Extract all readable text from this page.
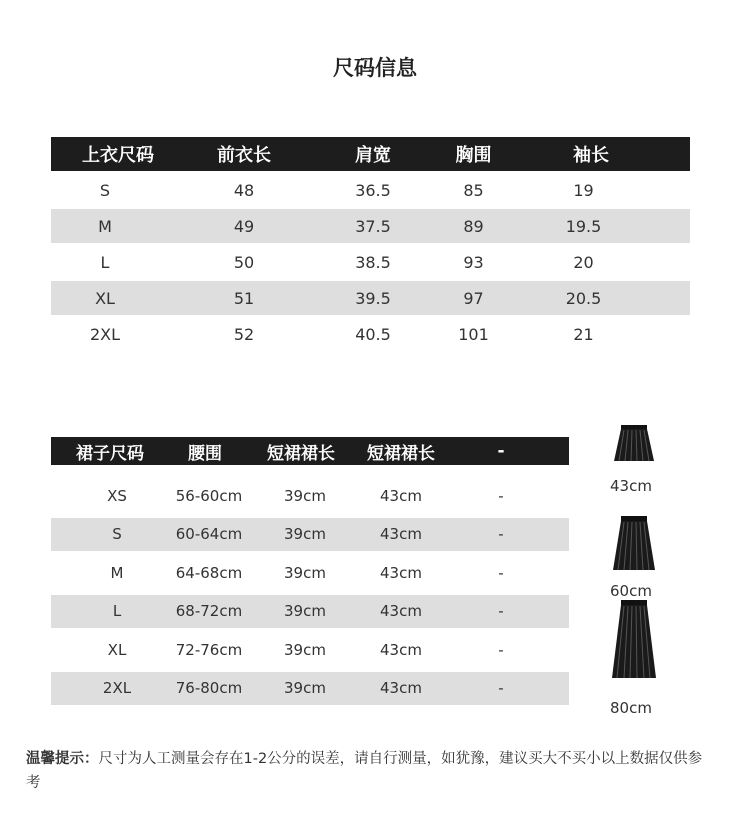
尺码信息
上衣尺码	前衣长	肩宽	胸围	袖长
S	48	36.5	85	19
M	49	37.5	89	19.5
L	50	38.5	93	20
XL	51	39.5	97	20.5
2XL	52	40.5	101	21
裙子尺码	腰围	短裙裙长	短裙裙长	-
XS	56-60cm	39cm	43cm	-
S	60-64cm	39cm	43cm	-
M	64-68cm	39cm	43cm	-
L	68-72cm	39cm	43cm	-
XL	72-76cm	39cm	43cm	-
2XL	76-80cm	39cm	43cm	-
43cm
60cm
80cm
温馨提示：尺寸为人工测量会存在1-2公分的误差，请自行测量，如犹豫，建议买大不买小以上数据仅供参考
